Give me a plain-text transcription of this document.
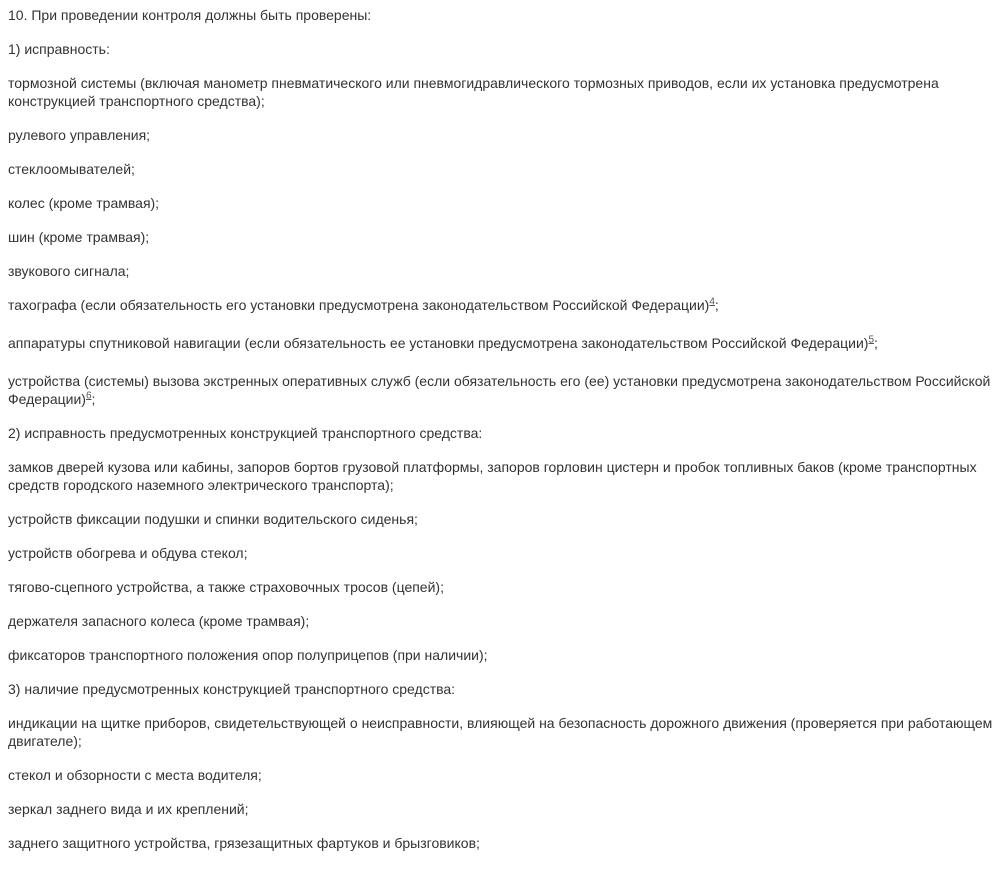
10. При проведении контроля должны быть проверены:

1) исправность:

тормозной системы (включая манометр пневматического или пневмогидравлического тормозных приводов, если их установка предусмотрена конструкцией транспортного средства);

рулевого управления;

стеклоомывателей;

колес (кроме трамвая);

шин (кроме трамвая);

звукового сигнала;

тахографа (если обязательность его установки предусмотрена законодательством Российской Федерации)$^4$;

аппаратуры спутниковой навигации (если обязательность ее установки предусмотрена законодательством Российской Федерации)$^5$;

устройства (системы) вызова экстренных оперативных служб (если обязательность его (ее) установки предусмотрена законодательством Российской Федерации)$^6$;

2) исправность предусмотренных конструкцией транспортного средства:

замков дверей кузова или кабины, запоров бортов грузовой платформы, запоров горловин цистерн и пробок топливных баков (кроме транспортных средств городского наземного электрического транспорта);

устройств фиксации подушки и спинки водительского сиденья;

устройств обогрева и обдува стекол;

тягово-сцепного устройства, а также страховочных тросов (цепей);

держателя запасного колеса (кроме трамвая);

фиксаторов транспортного положения опор полуприцепов (при наличии);

3) наличие предусмотренных конструкцией транспортного средства:

индикации на щитке приборов, свидетельствующей о неисправности, влияющей на безопасность дорожного движения (проверяется при работающем двигателе);

стекол и обзорности с места водителя;

зеркал заднего вида и их креплений;

заднего защитного устройства, грязезащитных фартуков и брызговиков;
